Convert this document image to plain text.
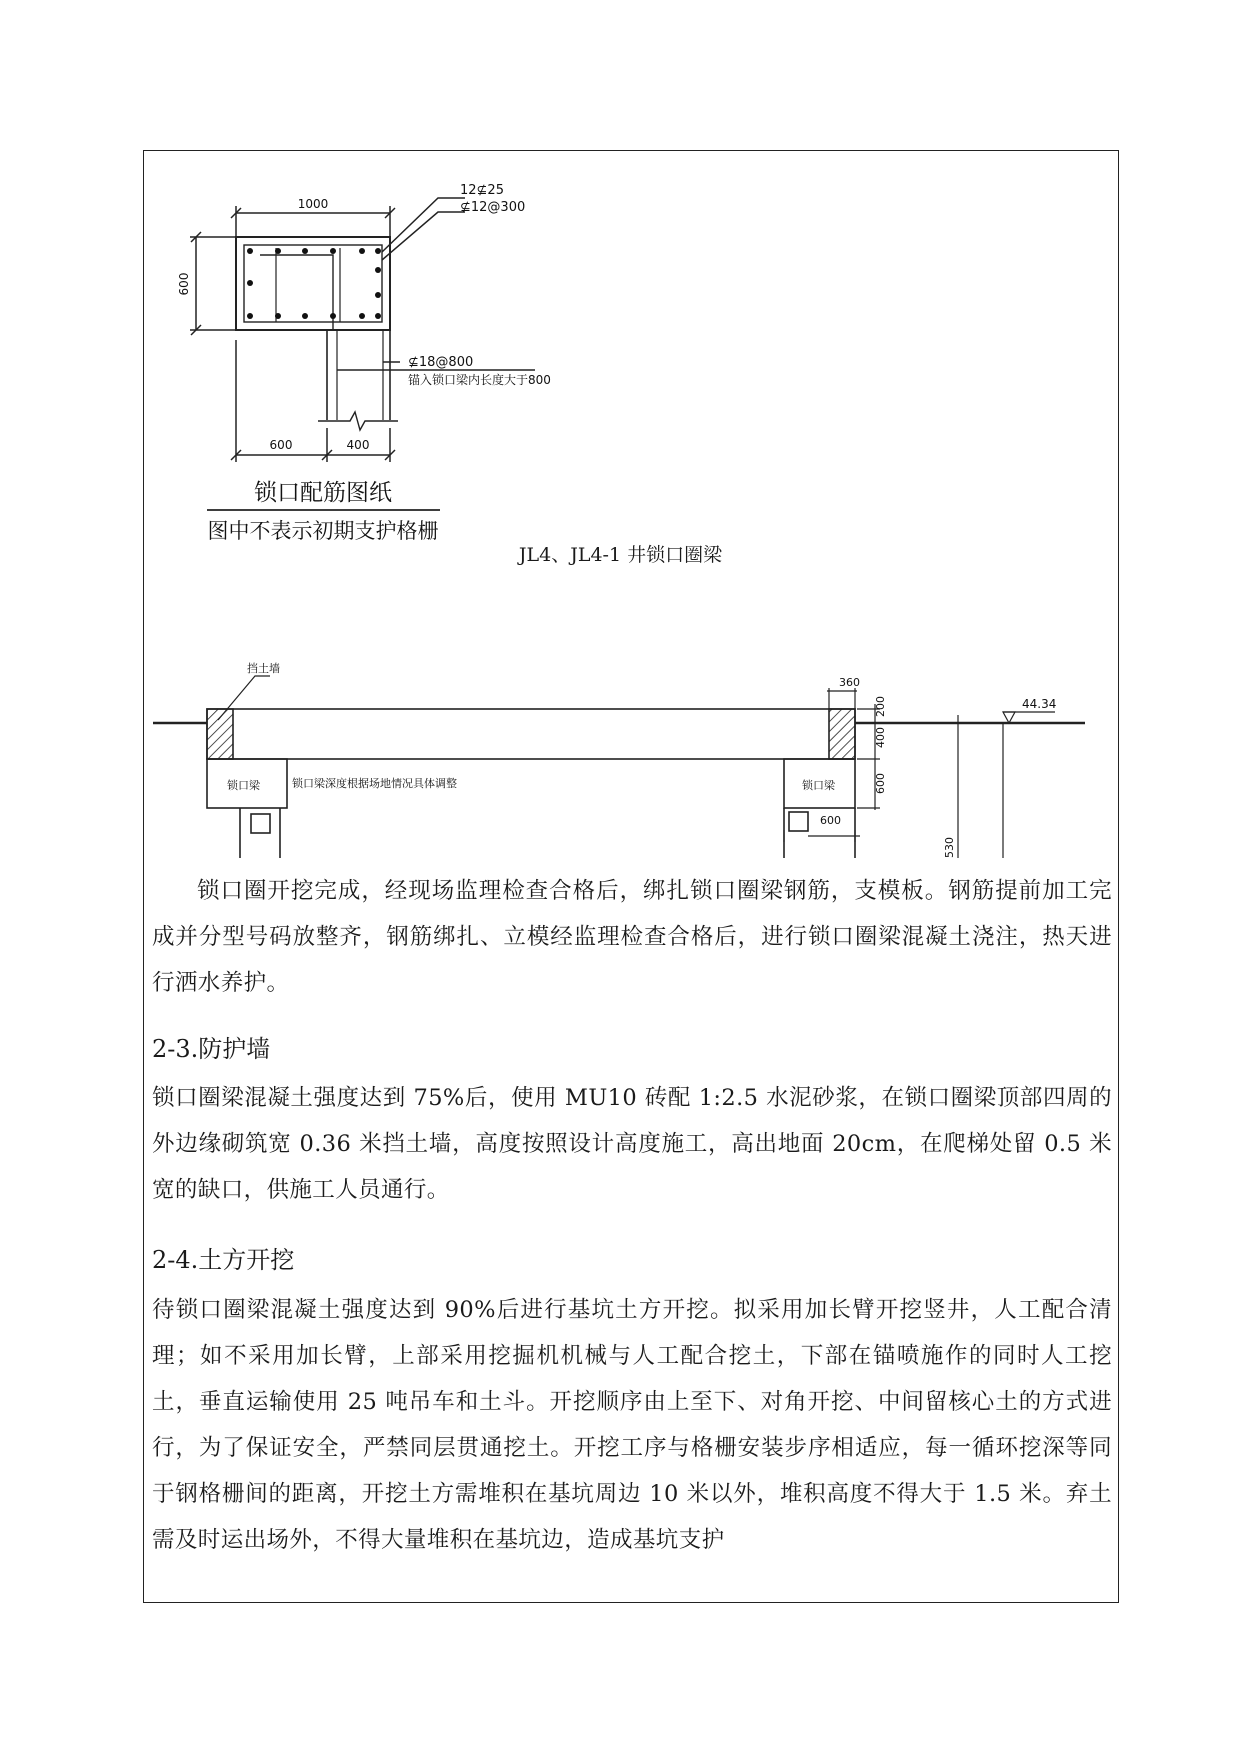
1000
600
600	400
12⊈25
⊈12@300
⊈18@800
锚入锁口梁内长度大于800
锁口配筋图纸
图中不表示初期支护格栅
JL4、JL4-1 井锁口圈梁
挡土墙
360
200
400
600
600
530
44.34
锁口梁	锁口梁
锁口梁深度根据场地情况具体调整
锁口圈开挖完成，经现场监理检查合格后，绑扎锁口圈梁钢筋，支模板。钢筋提前加工完成并分型号码放整齐，钢筋绑扎、立模经监理检查合格后，进行锁口圈梁混凝土浇注，热天进行洒水养护。
2-3.防护墙
锁口圈梁混凝土强度达到 75%后，使用 MU10 砖配 1:2.5 水泥砂浆，在锁口圈梁顶部四周的外边缘砌筑宽 0.36 米挡土墙，高度按照设计高度施工，高出地面 20cm，在爬梯处留 0.5 米宽的缺口，供施工人员通行。
2-4.土方开挖
待锁口圈梁混凝土强度达到 90%后进行基坑土方开挖。拟采用加长臂开挖竖井，人工配合清理；如不采用加长臂，上部采用挖掘机机械与人工配合挖土，下部在锚喷施作的同时人工挖土，垂直运输使用 25 吨吊车和土斗。开挖顺序由上至下、对角开挖、中间留核心土的方式进行，为了保证安全，严禁同层贯通挖土。开挖工序与格栅安装步序相适应，每一循环挖深等同于钢格栅间的距离，开挖土方需堆积在基坑周边 10 米以外，堆积高度不得大于 1.5 米。弃土需及时运出场外，不得大量堆积在基坑边，造成基坑支护
